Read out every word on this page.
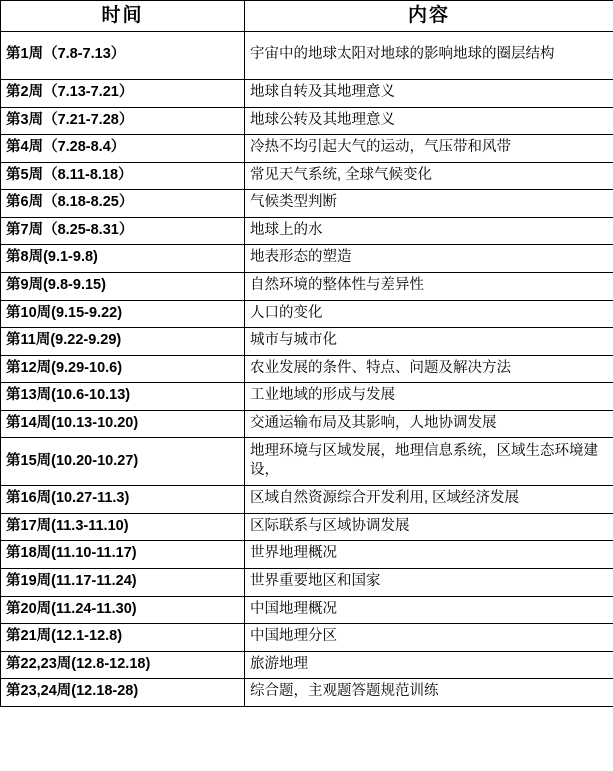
时间	内容
第1周（7.8-7.13）	宇宙中的地球太阳对地球的影响地球的圈层结构
第2周（7.13-7.21）	地球自转及其地理意义
第3周（7.21-7.28）	地球公转及其地理意义
第4周（7.28-8.4）	冷热不均引起大气的运动，气压带和风带
第5周（8.11-8.18）	常见天气系统, 全球气候变化
第6周（8.18-8.25）	气候类型判断
第7周（8.25-8.31）	地球上的水
第8周(9.1-9.8)	地表形态的塑造
第9周(9.8-9.15)	自然环境的整体性与差异性
第10周(9.15-9.22)	人口的变化
第11周(9.22-9.29)	城市与城市化
第12周(9.29-10.6)	农业发展的条件、特点、问题及解决方法
第13周(10.6-10.13)	工业地域的形成与发展
第14周(10.13-10.20)	交通运输布局及其影响，人地协调发展
第15周(10.20-10.27)	地理环境与区域发展，地理信息系统，区域生态环境建设，
第16周(10.27-11.3)	区域自然资源综合开发利用, 区域经济发展
第17周(11.3-11.10)	区际联系与区域协调发展
第18周(11.10-11.17)	世界地理概况
第19周(11.17-11.24)	世界重要地区和国家
第20周(11.24-11.30)	中国地理概况
第21周(12.1-12.8)	中国地理分区
第22,23周(12.8-12.18)	旅游地理
第23,24周(12.18-28)	综合题，主观题答题规范训练
